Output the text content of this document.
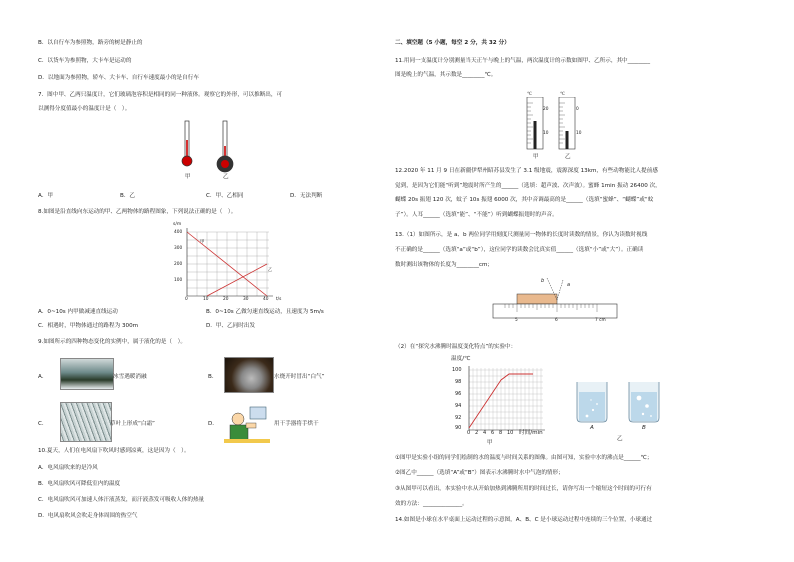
B．以自行车为参照物，路旁的树是静止的
C．以货车为参照物，大卡车是运动的
D．以地面为参照物，轿车、大卡车、自行车速度最小的是自行车
7．图中甲、乙两只温度计，它们玻璃泡容积是相同的同一种液体。观察它的外形，可以推断出，可
以测得分度值最小的温度计是（　）。
甲	乙
A．甲	B．乙	C．甲、乙相同	D．无法判断
8.如图是沿直线向东运动的甲、乙两物体的路程图象，下列说法正确的是（　）。
s/m
400
300
200
100
0	10	20	30	40 t/s
甲
乙
A．0~10s 内甲做减速直线运动	B．0~10s 乙做匀速直线运动，且速度为 5m/s
C．相遇时，甲物体通过的路程为 300m	D．甲、乙同时出发
9.如图所示的四种物态变化的实例中，属于液化的是（　）。
A．	冰雪遇暖消融	B．	水烧开时冒出“白气”
C．	草叶上形成“白霜”	D．	用干手器将手烘干
10.夏天，人们在电风扇下吹风时感到凉爽，这是因为（　）。
A．电风扇吹来的是冷风
B．电风扇吹风可降低室内的温度
C．电风扇吹风可加速人体汗液蒸发，而汗液蒸发可吸收人体的热量
D．电风扇吹风会吹走身体周围的热空气
二、填空题（5 小题，每空 2 分，共 32 分）
11.用同一支温度计分别测量当天正午与晚上的气温，两次温度计的示数如图甲、乙所示，其中________
图是晚上的气温，其示数是________℃。
℃	℃
20
10
0
10
甲	乙
12.2020 年 11 月 9 日在新疆伊犁州昭苏县发生了 3.1 级地震，震源深度 13km，有些动物能比人提前感
觉到，是因为它们能“听到”地震时所产生的______（选填：超声波、次声波）。蜜蜂 1min 振动 26400 次，
蝴蝶 20s 振翅 120 次，蚊子 10s 振翅 6000 次，其中音调最高的是______（选填“蜜蜂”、“蝴蝶”或“蚊
子”）。人耳______（选填“能”、“不能”）听到蝴蝶振翅时的声音。
13.（1）如图所示，是 a、b 两位同学用刻度尺测量同一物体的长度时读数的情景，你认为读数时视线
不正确的是______（选填“a”或“b”），这位同学的读数会比真实值______（选填“小”或“大”）。正确读
数时测出该物体的长度为________cm；
b
a
5	6	7 cm
（2）在“探究水沸腾时温度变化特点”的实验中：
温度/℃
100
98
96
94
92
90
0 2 4 6 8 10 时间/min
甲
A	B
乙
①图甲是实验小组的同学们绘制的水的温度与时间关系的图像。由图可知，实验中水的沸点是______℃；
②图乙中______（选填“A”或“B”）图表示水沸腾时水中气泡的情形；
③从图甲可以看出，本实验中水从开始加热到沸腾所用的时间过长，请你写出一个缩短这个时间的可行有
效的方法：______________。
14.如图是小球在水平桌面上运动过程的示意图，A、B、C 是小球运动过程中连续的三个位置，小球通过
